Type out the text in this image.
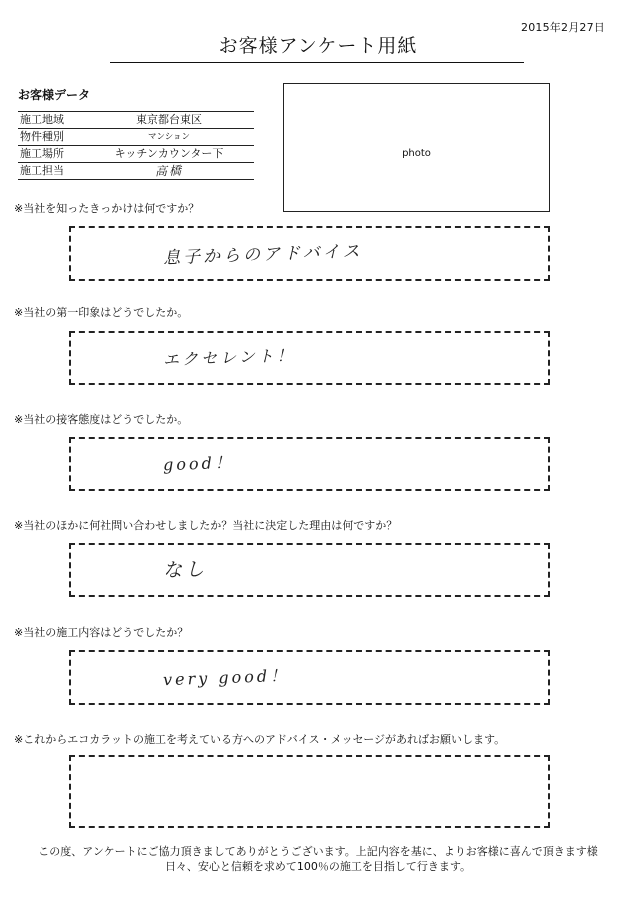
2015年2月27日
お客様アンケート用紙
お客様データ
施工地域	東京都台東区
物件種別	マンション
施工場所	キッチンカウンター下
施工担当	高橋
photo
※当社を知ったきっかけは何ですか？
息子からのアドバイス
※当社の第一印象はどうでしたか。
エクセレント！
※当社の接客態度はどうでしたか。
good！
※当社のほかに何社問い合わせしましたか？当社に決定した理由は何ですか？
なし
※当社の施工内容はどうでしたか？
very good！
※これからエコカラットの施工を考えている方へのアドバイス・メッセージがあればお願いします。
この度、アンケートにご協力頂きましてありがとうございます。上記内容を基に、よりお客様に喜んで頂きます様
日々、安心と信頼を求めて100％の施工を目指して行きます。
